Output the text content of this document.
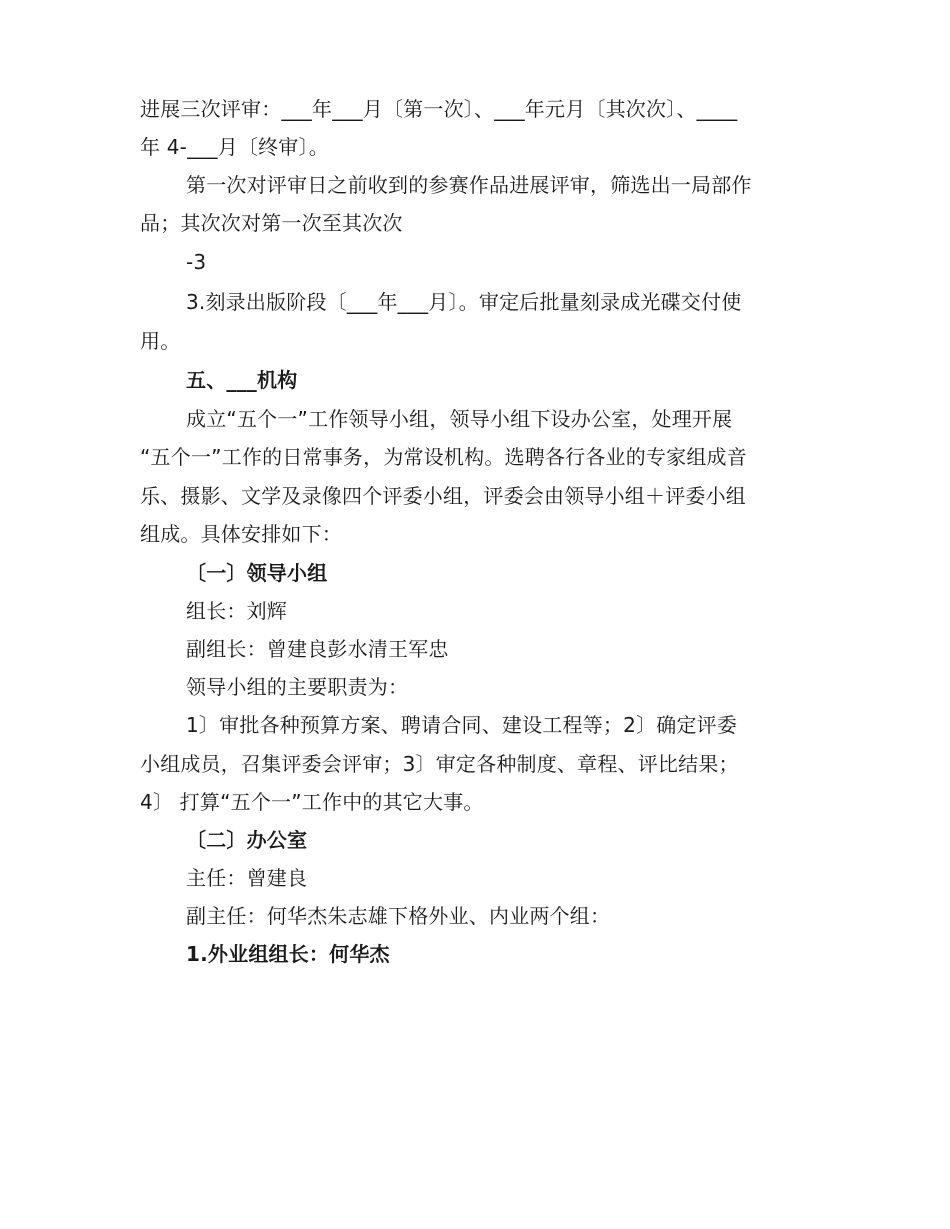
进展三次评审：___年___月〔第一次〕、___年元月〔其次次〕、____
年 4-___月〔终审〕。
第一次对评审日之前收到的参赛作品进展评审，筛选出一局部作
品；其次次对第一次至其次次
-3
3.刻录出版阶段〔___年___月〕。审定后批量刻录成光碟交付使
用。
五、___机构
成立“五个一”工作领导小组，领导小组下设办公室，处理开展
“五个一”工作的日常事务，为常设机构。选聘各行各业的专家组成音
乐、摄影、文学及录像四个评委小组，评委会由领导小组＋评委小组
组成。具体安排如下：
〔一〕领导小组
组长：刘辉
副组长：曾建良彭水清王军忠
领导小组的主要职责为：
1〕审批各种预算方案、聘请合同、建设工程等；2〕确定评委
小组成员，召集评委会评审；3〕审定各种制度、章程、评比结果；
4〕 打算“五个一”工作中的其它大事。
〔二〕办公室
主任：曾建良
副主任：何华杰朱志雄下格外业、内业两个组：
1.外业组组长：何华杰
